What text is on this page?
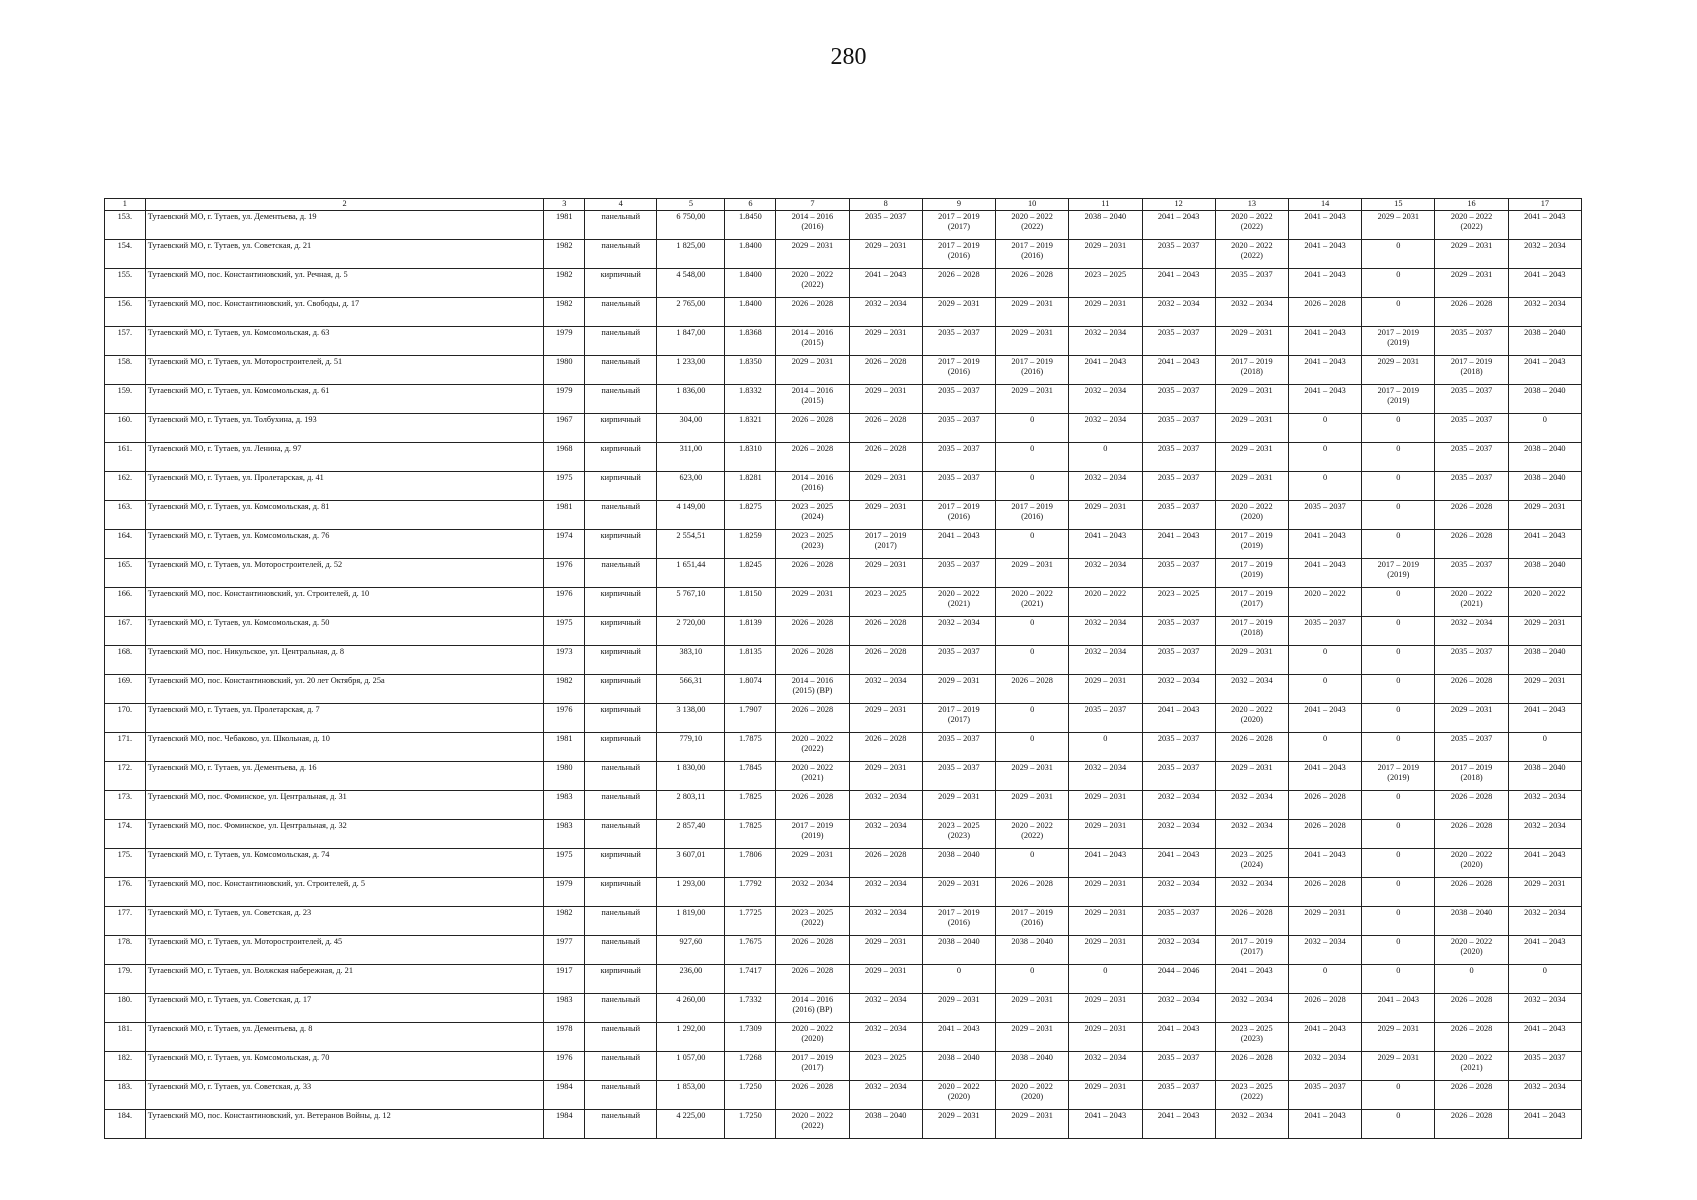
280
1	2	3	4	5	6	7	8	9	10	11	12	13	14	15	16	17

153.	Тутаевский МО, г. Тутаев, ул. Дементьева, д. 19	1981	панельный	6 750,00	1.8450	2014 – 2016
(2016)	2035 – 2037	2017 – 2019
(2017)	2020 – 2022
(2022)	2038 – 2040	2041 – 2043	2020 – 2022
(2022)	2041 – 2043	2029 – 2031	2020 – 2022
(2022)	2041 – 2043

154.	Тутаевский МО, г. Тутаев, ул. Советская, д. 21	1982	панельный	1 825,00	1.8400	2029 – 2031	2029 – 2031	2017 – 2019
(2016)	2017 – 2019
(2016)	2029 – 2031	2035 – 2037	2020 – 2022
(2022)	2041 – 2043	0	2029 – 2031	2032 – 2034

155.	Тутаевский МО, пос. Константиновский, ул. Речная, д. 5	1982	кирпичный	4 548,00	1.8400	2020 – 2022
(2022)	2041 – 2043	2026 – 2028	2026 – 2028	2023 – 2025	2041 – 2043	2035 – 2037	2041 – 2043	0	2029 – 2031	2041 – 2043

156.	Тутаевский МО, пос. Константиновский, ул. Свободы, д. 17	1982	панельный	2 765,00	1.8400	2026 – 2028	2032 – 2034	2029 – 2031	2029 – 2031	2029 – 2031	2032 – 2034	2032 – 2034	2026 – 2028	0	2026 – 2028	2032 – 2034

157.	Тутаевский МО, г. Тутаев, ул. Комсомольская, д. 63	1979	панельный	1 847,00	1.8368	2014 – 2016
(2015)	2029 – 2031	2035 – 2037	2029 – 2031	2032 – 2034	2035 – 2037	2029 – 2031	2041 – 2043	2017 – 2019
(2019)	2035 – 2037	2038 – 2040

158.	Тутаевский МО, г. Тутаев, ул. Моторостроителей, д. 51	1980	панельный	1 233,00	1.8350	2029 – 2031	2026 – 2028	2017 – 2019
(2016)	2017 – 2019
(2016)	2041 – 2043	2041 – 2043	2017 – 2019
(2018)	2041 – 2043	2029 – 2031	2017 – 2019
(2018)	2041 – 2043

159.	Тутаевский МО, г. Тутаев, ул. Комсомольская, д. 61	1979	панельный	1 836,00	1.8332	2014 – 2016
(2015)	2029 – 2031	2035 – 2037	2029 – 2031	2032 – 2034	2035 – 2037	2029 – 2031	2041 – 2043	2017 – 2019
(2019)	2035 – 2037	2038 – 2040

160.	Тутаевский МО, г. Тутаев, ул. Толбухина, д. 193	1967	кирпичный	304,00	1.8321	2026 – 2028	2026 – 2028	2035 – 2037	0	2032 – 2034	2035 – 2037	2029 – 2031	0	0	2035 – 2037	0

161.	Тутаевский МО, г. Тутаев, ул. Ленина, д. 97	1968	кирпичный	311,00	1.8310	2026 – 2028	2026 – 2028	2035 – 2037	0	0	2035 – 2037	2029 – 2031	0	0	2035 – 2037	2038 – 2040

162.	Тутаевский МО, г. Тутаев, ул. Пролетарская, д. 41	1975	кирпичный	623,00	1.8281	2014 – 2016
(2016)	2029 – 2031	2035 – 2037	0	2032 – 2034	2035 – 2037	2029 – 2031	0	0	2035 – 2037	2038 – 2040

163.	Тутаевский МО, г. Тутаев, ул. Комсомольская, д. 81	1981	панельный	4 149,00	1.8275	2023 – 2025
(2024)	2029 – 2031	2017 – 2019
(2016)	2017 – 2019
(2016)	2029 – 2031	2035 – 2037	2020 – 2022
(2020)	2035 – 2037	0	2026 – 2028	2029 – 2031

164.	Тутаевский МО, г. Тутаев, ул. Комсомольская, д. 76	1974	кирпичный	2 554,51	1.8259	2023 – 2025
(2023)	2017 – 2019
(2017)	2041 – 2043	0	2041 – 2043	2041 – 2043	2017 – 2019
(2019)	2041 – 2043	0	2026 – 2028	2041 – 2043

165.	Тутаевский МО, г. Тутаев, ул. Моторостроителей, д. 52	1976	панельный	1 651,44	1.8245	2026 – 2028	2029 – 2031	2035 – 2037	2029 – 2031	2032 – 2034	2035 – 2037	2017 – 2019
(2019)	2041 – 2043	2017 – 2019
(2019)	2035 – 2037	2038 – 2040

166.	Тутаевский МО, пос. Константиновский, ул. Строителей, д. 10	1976	кирпичный	5 767,10	1.8150	2029 – 2031	2023 – 2025	2020 – 2022
(2021)	2020 – 2022
(2021)	2020 – 2022	2023 – 2025	2017 – 2019
(2017)	2020 – 2022	0	2020 – 2022
(2021)	2020 – 2022

167.	Тутаевский МО, г. Тутаев, ул. Комсомольская, д. 50	1975	кирпичный	2 720,00	1.8139	2026 – 2028	2026 – 2028	2032 – 2034	0	2032 – 2034	2035 – 2037	2017 – 2019
(2018)	2035 – 2037	0	2032 – 2034	2029 – 2031

168.	Тутаевский МО, пос. Никульское, ул. Центральная, д. 8	1973	кирпичный	383,10	1.8135	2026 – 2028	2026 – 2028	2035 – 2037	0	2032 – 2034	2035 – 2037	2029 – 2031	0	0	2035 – 2037	2038 – 2040

169.	Тутаевский МО, пос. Константиновский, ул. 20 лет Октября, д. 25а	1982	кирпичный	566,31	1.8074	2014 – 2016
(2015) (ВР)	2032 – 2034	2029 – 2031	2026 – 2028	2029 – 2031	2032 – 2034	2032 – 2034	0	0	2026 – 2028	2029 – 2031

170.	Тутаевский МО, г. Тутаев, ул. Пролетарская, д. 7	1976	кирпичный	3 138,00	1.7907	2026 – 2028	2029 – 2031	2017 – 2019
(2017)	0	2035 – 2037	2041 – 2043	2020 – 2022
(2020)	2041 – 2043	0	2029 – 2031	2041 – 2043

171.	Тутаевский МО, пос. Чебаково, ул. Школьная, д. 10	1981	кирпичный	779,10	1.7875	2020 – 2022
(2022)	2026 – 2028	2035 – 2037	0	0	2035 – 2037	2026 – 2028	0	0	2035 – 2037	0

172.	Тутаевский МО, г. Тутаев, ул. Дементьева, д. 16	1980	панельный	1 830,00	1.7845	2020 – 2022
(2021)	2029 – 2031	2035 – 2037	2029 – 2031	2032 – 2034	2035 – 2037	2029 – 2031	2041 – 2043	2017 – 2019
(2019)	2017 – 2019
(2018)	2038 – 2040

173.	Тутаевский МО, пос. Фоминское, ул. Центральная, д. 31	1983	панельный	2 803,11	1.7825	2026 – 2028	2032 – 2034	2029 – 2031	2029 – 2031	2029 – 2031	2032 – 2034	2032 – 2034	2026 – 2028	0	2026 – 2028	2032 – 2034

174.	Тутаевский МО, пос. Фоминское, ул. Центральная, д. 32	1983	панельный	2 857,40	1.7825	2017 – 2019
(2019)	2032 – 2034	2023 – 2025
(2023)	2020 – 2022
(2022)	2029 – 2031	2032 – 2034	2032 – 2034	2026 – 2028	0	2026 – 2028	2032 – 2034

175.	Тутаевский МО, г. Тутаев, ул. Комсомольская, д. 74	1975	кирпичный	3 607,01	1.7806	2029 – 2031	2026 – 2028	2038 – 2040	0	2041 – 2043	2041 – 2043	2023 – 2025
(2024)	2041 – 2043	0	2020 – 2022
(2020)	2041 – 2043

176.	Тутаевский МО, пос. Константиновский, ул. Строителей, д. 5	1979	кирпичный	1 293,00	1.7792	2032 – 2034	2032 – 2034	2029 – 2031	2026 – 2028	2029 – 2031	2032 – 2034	2032 – 2034	2026 – 2028	0	2026 – 2028	2029 – 2031

177.	Тутаевский МО, г. Тутаев, ул. Советская, д. 23	1982	панельный	1 819,00	1.7725	2023 – 2025
(2022)	2032 – 2034	2017 – 2019
(2016)	2017 – 2019
(2016)	2029 – 2031	2035 – 2037	2026 – 2028	2029 – 2031	0	2038 – 2040	2032 – 2034

178.	Тутаевский МО, г. Тутаев, ул. Моторостроителей, д. 45	1977	панельный	927,60	1.7675	2026 – 2028	2029 – 2031	2038 – 2040	2038 – 2040	2029 – 2031	2032 – 2034	2017 – 2019
(2017)	2032 – 2034	0	2020 – 2022
(2020)	2041 – 2043

179.	Тутаевский МО, г. Тутаев, ул. Волжская набережная, д. 21	1917	кирпичный	236,00	1.7417	2026 – 2028	2029 – 2031	0	0	0	2044 – 2046	2041 – 2043	0	0	0	0

180.	Тутаевский МО, г. Тутаев, ул. Советская, д. 17	1983	панельный	4 260,00	1.7332	2014 – 2016
(2016) (ВР)	2032 – 2034	2029 – 2031	2029 – 2031	2029 – 2031	2032 – 2034	2032 – 2034	2026 – 2028	2041 – 2043	2026 – 2028	2032 – 2034

181.	Тутаевский МО, г. Тутаев, ул. Дементьева, д. 8	1978	панельный	1 292,00	1.7309	2020 – 2022
(2020)	2032 – 2034	2041 – 2043	2029 – 2031	2029 – 2031	2041 – 2043	2023 – 2025
(2023)	2041 – 2043	2029 – 2031	2026 – 2028	2041 – 2043

182.	Тутаевский МО, г. Тутаев, ул. Комсомольская, д. 70	1976	панельный	1 057,00	1.7268	2017 – 2019
(2017)	2023 – 2025	2038 – 2040	2038 – 2040	2032 – 2034	2035 – 2037	2026 – 2028	2032 – 2034	2029 – 2031	2020 – 2022
(2021)	2035 – 2037

183.	Тутаевский МО, г. Тутаев, ул. Советская, д. 33	1984	панельный	1 853,00	1.7250	2026 – 2028	2032 – 2034	2020 – 2022
(2020)	2020 – 2022
(2020)	2029 – 2031	2035 – 2037	2023 – 2025
(2022)	2035 – 2037	0	2026 – 2028	2032 – 2034

184.	Тутаевский МО, пос. Константиновский, ул. Ветеранов Войны, д. 12	1984	панельный	4 225,00	1.7250	2020 – 2022
(2022)	2038 – 2040	2029 – 2031	2029 – 2031	2041 – 2043	2041 – 2043	2032 – 2034	2041 – 2043	0	2026 – 2028	2041 – 2043
